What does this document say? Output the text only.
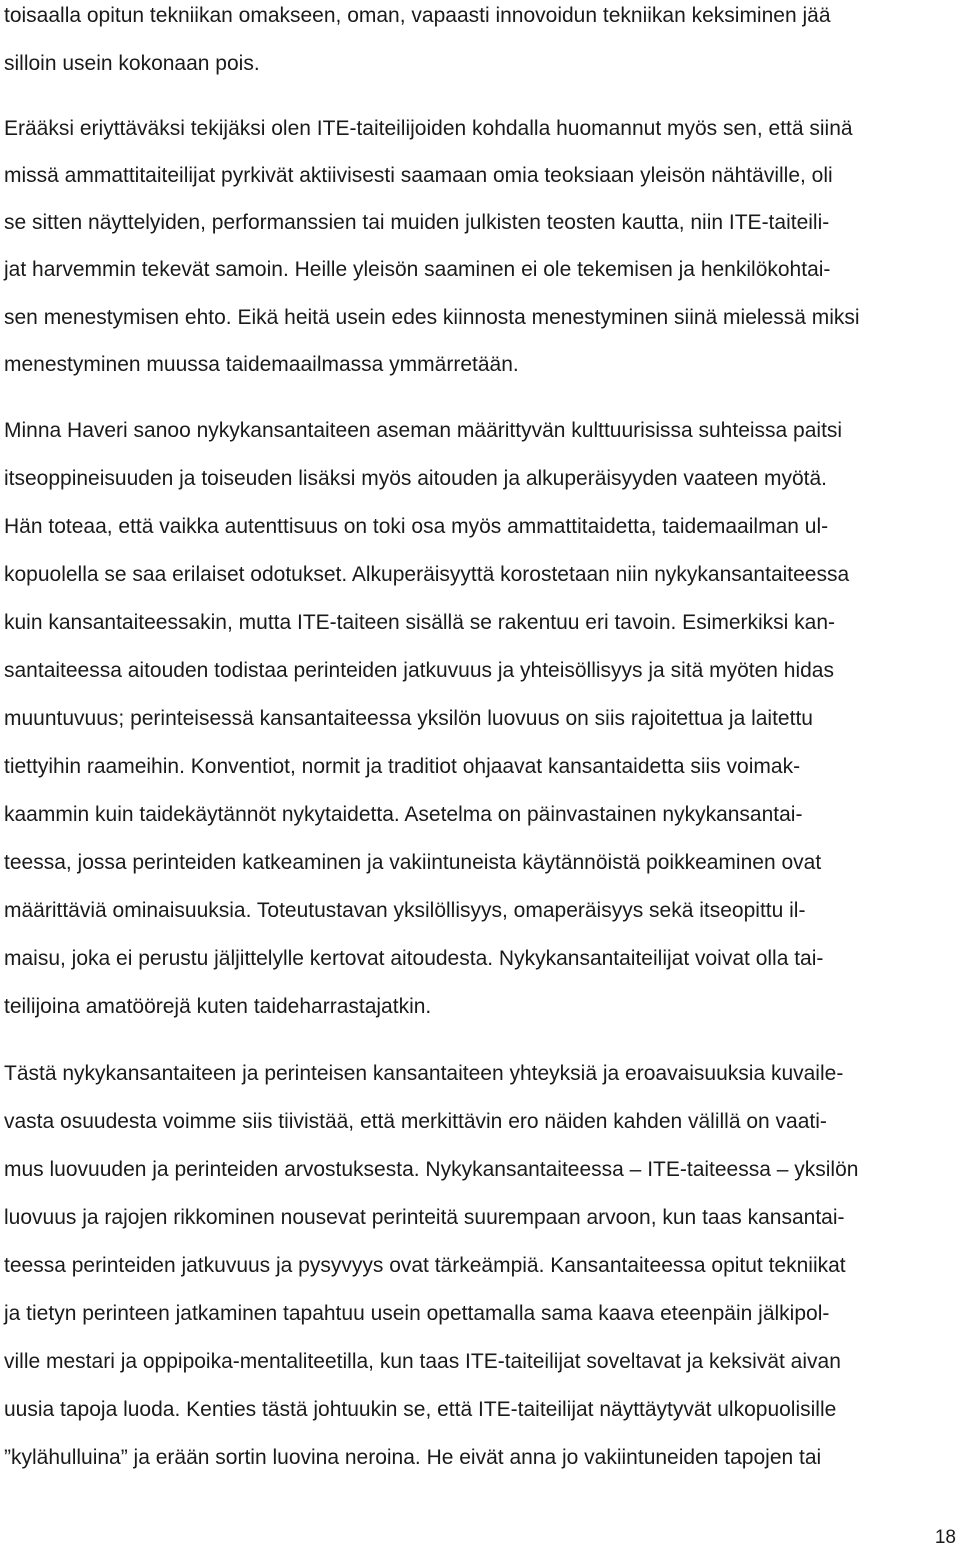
toisaalla opitun tekniikan omakseen, oman, vapaasti innovoidun tekniikan keksiminen jää
silloin usein kokonaan pois.
Erääksi eriyttäväksi tekijäksi olen ITE-taiteilijoiden kohdalla huomannut myös sen, että siinä
missä ammattitaiteilijat pyrkivät aktiivisesti saamaan omia teoksiaan yleisön nähtäville, oli
se sitten näyttelyiden, performanssien tai muiden julkisten teosten kautta, niin ITE-taiteili-
jat harvemmin tekevät samoin. Heille yleisön saaminen ei ole tekemisen ja henkilökohtai-
sen menestymisen ehto. Eikä heitä usein edes kiinnosta menestyminen siinä mielessä miksi
menestyminen muussa taidemaailmassa ymmärretään.
Minna Haveri sanoo nykykansantaiteen aseman määrittyvän kulttuurisissa suhteissa paitsi
itseoppineisuuden ja toiseuden lisäksi myös aitouden ja alkuperäisyyden vaateen myötä.
Hän toteaa, että vaikka autenttisuus on toki osa myös ammattitaidetta, taidemaailman ul-
kopuolella se saa erilaiset odotukset. Alkuperäisyyttä korostetaan niin nykykansantaiteessa
kuin kansantaiteessakin, mutta ITE-taiteen sisällä se rakentuu eri tavoin. Esimerkiksi kan-
santaiteessa aitouden todistaa perinteiden jatkuvuus ja yhteisöllisyys ja sitä myöten hidas
muuntuvuus; perinteisessä kansantaiteessa yksilön luovuus on siis rajoitettua ja laitettu
tiettyihin raameihin. Konventiot, normit ja traditiot ohjaavat kansantaidetta siis voimak-
kaammin kuin taidekäytännöt nykytaidetta. Asetelma on päinvastainen nykykansantai-
teessa, jossa perinteiden katkeaminen ja vakiintuneista käytännöistä poikkeaminen ovat
määrittäviä ominaisuuksia. Toteutustavan yksilöllisyys, omaperäisyys sekä itseopittu il-
maisu, joka ei perustu jäljittelylle kertovat aitoudesta. Nykykansantaiteilijat voivat olla tai-
teilijoina amatöörejä kuten taideharrastajatkin.
Tästä nykykansantaiteen ja perinteisen kansantaiteen yhteyksiä ja eroavaisuuksia kuvaile-
vasta osuudesta voimme siis tiivistää, että merkittävin ero näiden kahden välillä on vaati-
mus luovuuden ja perinteiden arvostuksesta. Nykykansantaiteessa – ITE-taiteessa – yksilön
luovuus ja rajojen rikkominen nousevat perinteitä suurempaan arvoon, kun taas kansantai-
teessa perinteiden jatkuvuus ja pysyvyys ovat tärkeämpiä. Kansantaiteessa opitut tekniikat
ja tietyn perinteen jatkaminen tapahtuu usein opettamalla sama kaava eteenpäin jälkipol-
ville mestari ja oppipoika-mentaliteetilla, kun taas ITE-taiteilijat soveltavat ja keksivät aivan
uusia tapoja luoda. Kenties tästä johtuukin se, että ITE-taiteilijat näyttäytyvät ulkopuolisille
”kylähulluina” ja erään sortin luovina neroina. He eivät anna jo vakiintuneiden tapojen tai
18
